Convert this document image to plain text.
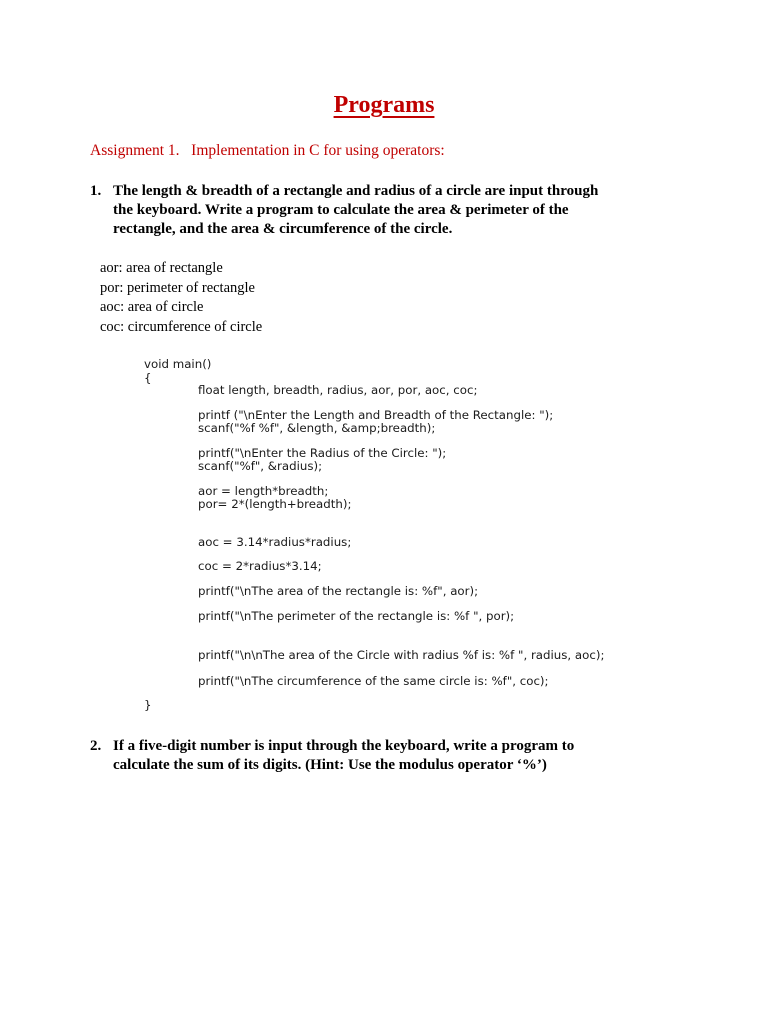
Programs
Assignment 1.   Implementation in C for using operators:
1. The length & breadth of a rectangle and radius of a circle are input through
the keyboard. Write a program to calculate the area & perimeter of the
rectangle, and the area & circumference of the circle.
aor: area of rectangle
por: perimeter of rectangle
aoc: area of circle
coc: circumference of circle
void main()
{
float length, breadth, radius, aor, por, aoc, coc;
printf ("\nEnter the Length and Breadth of the Rectangle: ");
scanf("%f %f", &length, &amp;breadth);
printf("\nEnter the Radius of the Circle: ");
scanf("%f", &radius);
aor = length*breadth;
por= 2*(length+breadth);
aoc = 3.14*radius*radius;
coc = 2*radius*3.14;
printf("\nThe area of the rectangle is: %f", aor);
printf("\nThe perimeter of the rectangle is: %f ", por);
printf("\n\nThe area of the Circle with radius %f is: %f ", radius, aoc);
printf("\nThe circumference of the same circle is: %f", coc);
}
2. If a five-digit number is input through the keyboard, write a program to
calculate the sum of its digits. (Hint: Use the modulus operator ‘%’)
